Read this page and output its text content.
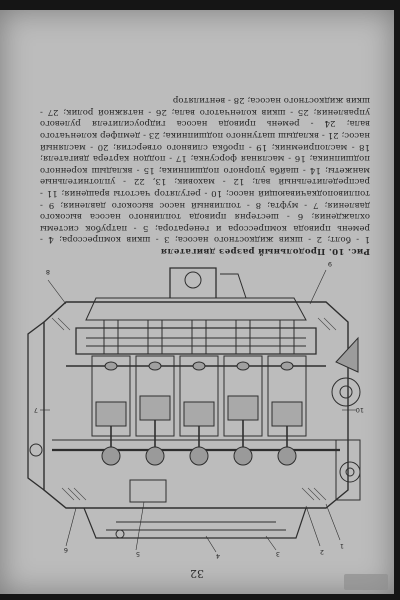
32
1
2
3
4
5
6
7
8
9
10
Рис. 10. Продольный разрез двигателя
1 - болт; 2 - шкив жидкостного насоса; 3 - шкив компрессора; 4 - ремень привода компрессора и генератора; 5 - патрубок системы охлаждения; 6 - шестерня привода топливного насоса высокого давления; 7 - муфта; 8 - топливный насос высокого давления; 9 - топливоподкачивающий насос; 10 - регулятор частоты вращения; 11 - распределительный вал; 12 - маховик; 13, 22 - уплотнительные манжеты; 14 - шайба упорного подшипника; 15 - вкладыш коренного подшипника; 16 - масляная форсунка; 17 - поддон картера двигателя; 18 - маслоприемник; 19 - пробка сливного отверстия; 20 - масляный насос; 21 - вкладыш шатунного подшипника; 23 - демпфер коленчатого вала; 24 - ремень привода насоса гидроусилителя рулевого управления; 25 - шкив коленчатого вала; 26 - натяжной ролик; 27 - шкив жидкостного насоса; 28 - вентилятор
